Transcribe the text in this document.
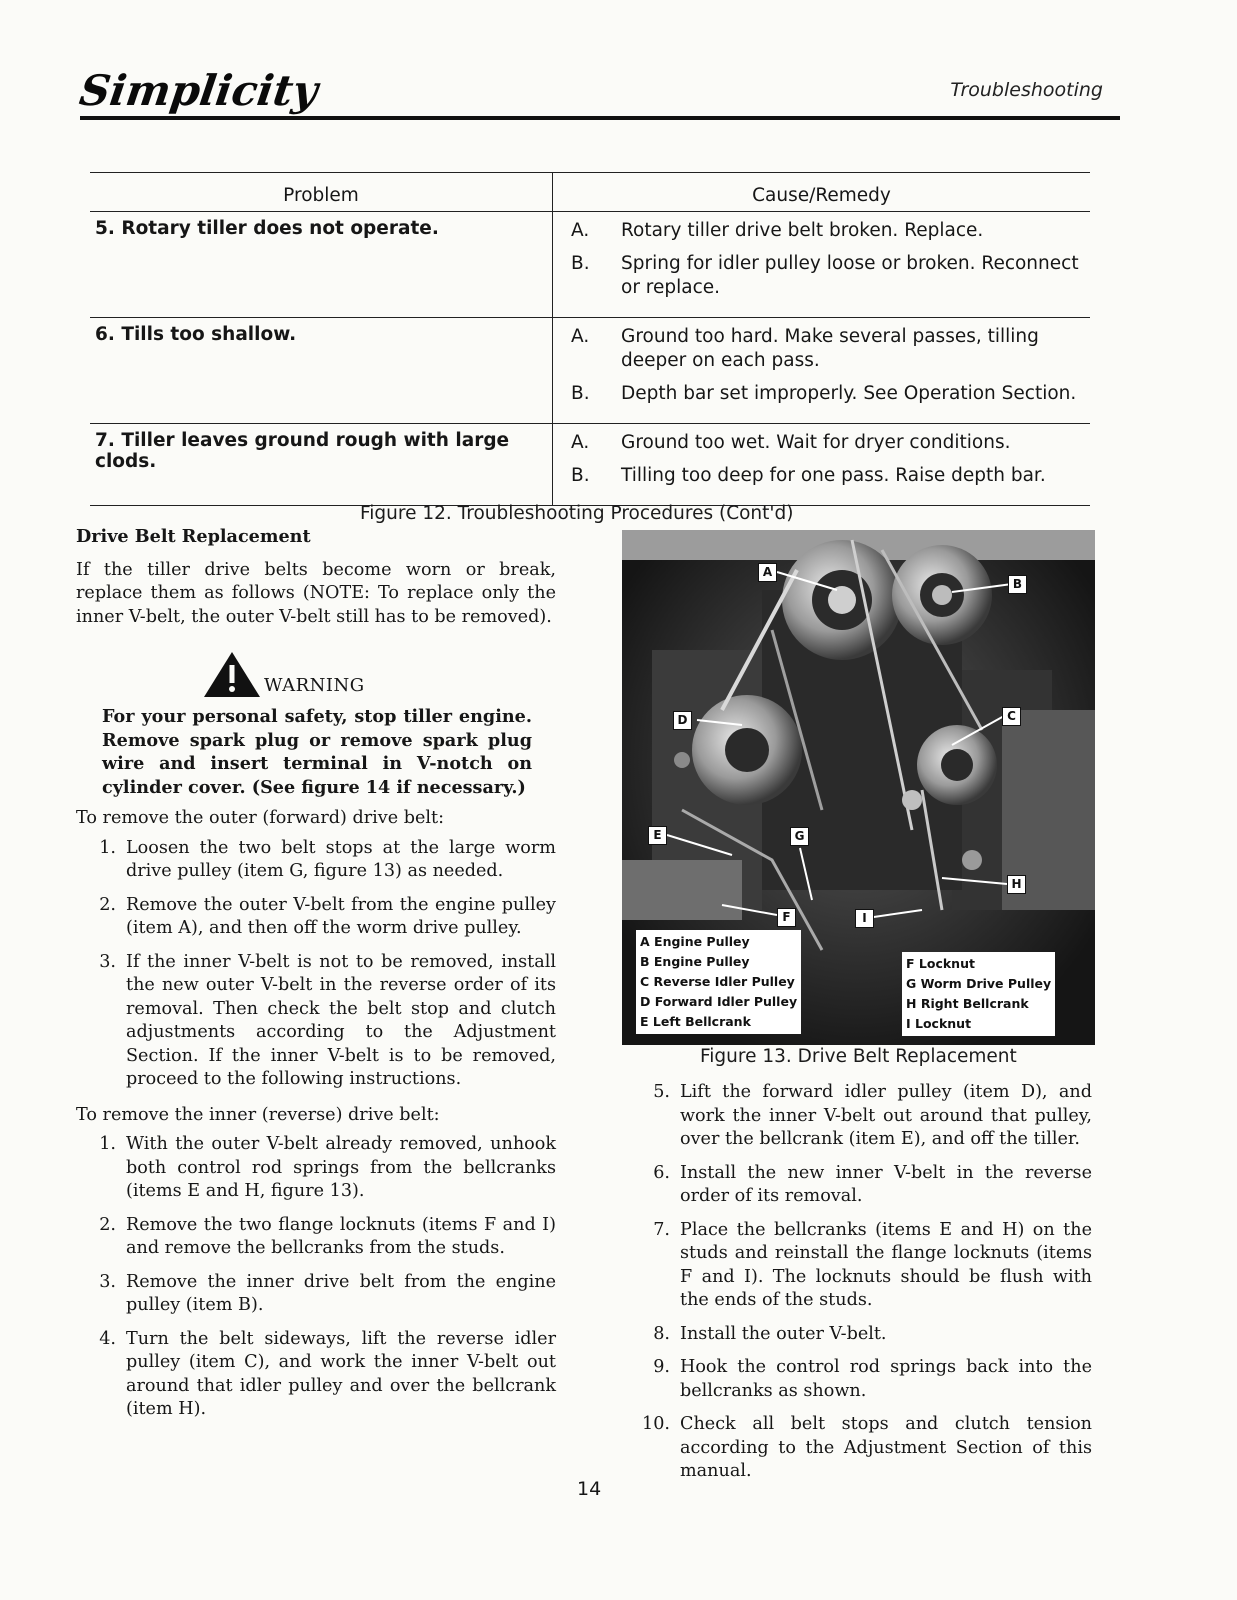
Simplicity	Troubleshooting
Problem	Cause/Remedy
5. Rotary tiller does not operate.	A.	Rotary tiller drive belt broken. Replace.
B.	Spring for idler pulley loose or broken. Reconnect or replace.
6. Tills too shallow.	A.	Ground too hard. Make several passes, tilling deeper on each pass.
B.	Depth bar set improperly. See Operation Section.
7. Tiller leaves ground rough with large clods.
A.	Ground too wet. Wait for dryer conditions.
B.	Tilling too deep for one pass. Raise depth bar.
Figure 12. Troubleshooting Procedures (Cont'd)
Drive Belt Replacement
If the tiller drive belts become worn or break, replace them as follows (NOTE: To replace only the inner V-belt, the outer V-belt still has to be removed).
WARNING
For your personal safety, stop tiller engine. Remove spark plug or remove spark plug wire and insert terminal in V-notch on cylinder cover. (See figure 14 if necessary.)
To remove the outer (forward) drive belt:
1. Loosen the two belt stops at the large worm drive pulley (item G, figure 13) as needed.
2. Remove the outer V-belt from the engine pulley (item A), and then off the worm drive pulley.
3. If the inner V-belt is not to be removed, install the new outer V-belt in the reverse order of its removal. Then check the belt stop and clutch adjustments according to the Adjustment Section. If the inner V-belt is to be removed, proceed to the following instructions.
To remove the inner (reverse) drive belt:
1. With the outer V-belt already removed, unhook both control rod springs from the bellcranks (items E and H, figure 13).
2. Remove the two flange locknuts (items F and I) and remove the bellcranks from the studs.
3. Remove the inner drive belt from the engine pulley (item B).
4. Turn the belt sideways, lift the reverse idler pulley (item C), and work the inner V-belt out around that idler pulley and over the bellcrank (item H).
A
B
C
D
E
F
G
H
I
A Engine Pulley
B Engine Pulley
C Reverse Idler Pulley
D Forward Idler Pulley
E Left Bellcrank
F Locknut
G Worm Drive Pulley
H Right Bellcrank
I Locknut
Figure 13. Drive Belt Replacement
5. Lift the forward idler pulley (item D), and work the inner V-belt out around that pulley, over the bellcrank (item E), and off the tiller.
6. Install the new inner V-belt in the reverse order of its removal.
7. Place the bellcranks (items E and H) on the studs and reinstall the flange locknuts (items F and I). The locknuts should be flush with the ends of the studs.
8. Install the outer V-belt.
9. Hook the control rod springs back into the bellcranks as shown.
10. Check all belt stops and clutch tension according to the Adjustment Section of this manual.
14
